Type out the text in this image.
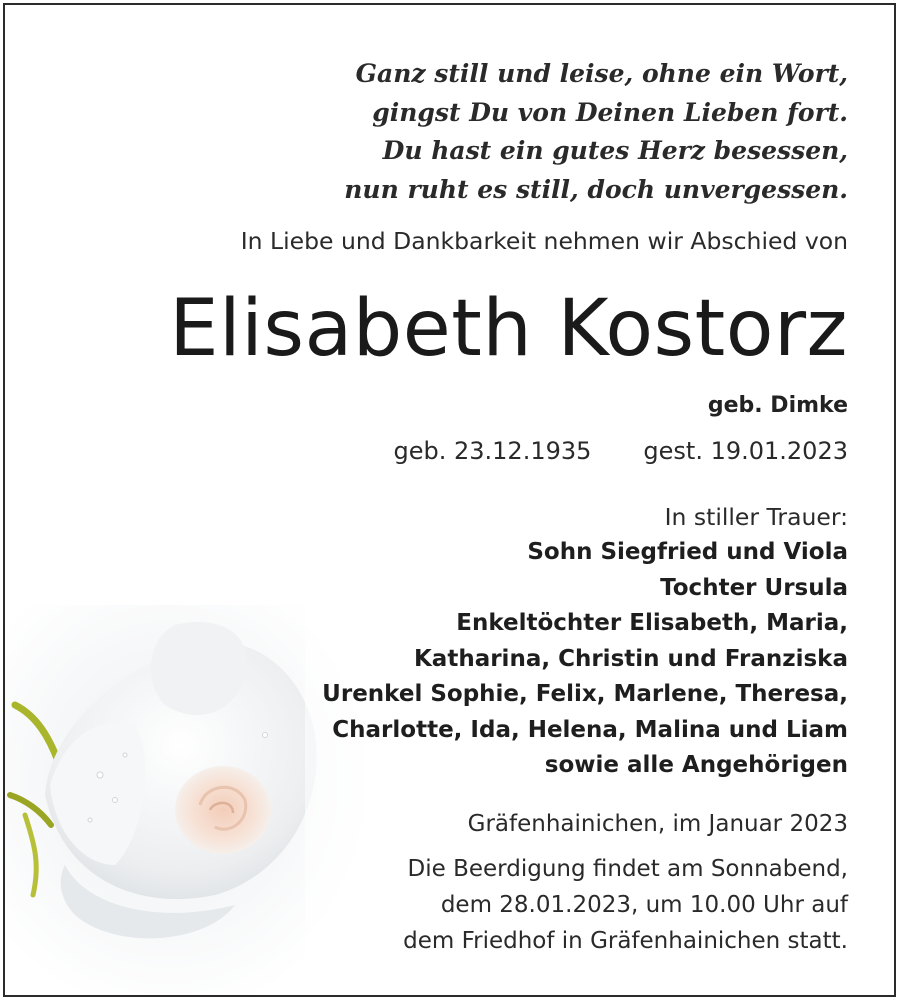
Ganz still und leise, ohne ein Wort,
gingst Du von Deinen Lieben fort.
Du hast ein gutes Herz besessen,
nun ruht es still, doch unvergessen.
In Liebe und Dankbarkeit nehmen wir Abschied von
Elisabeth Kostorz
geb. Dimke
geb. 23.12.1935 gest. 19.01.2023
In stiller Trauer:
Sohn Siegfried und Viola
Tochter Ursula
Enkeltöchter Elisabeth, Maria,
Katharina, Christin und Franziska
Urenkel Sophie, Felix, Marlene, Theresa,
Charlotte, Ida, Helena, Malina und Liam
sowie alle Angehörigen
Gräfenhainichen, im Januar 2023
Die Beerdigung findet am Sonnabend,
dem 28.01.2023, um 10.00 Uhr auf
dem Friedhof in Gräfenhainichen statt.
